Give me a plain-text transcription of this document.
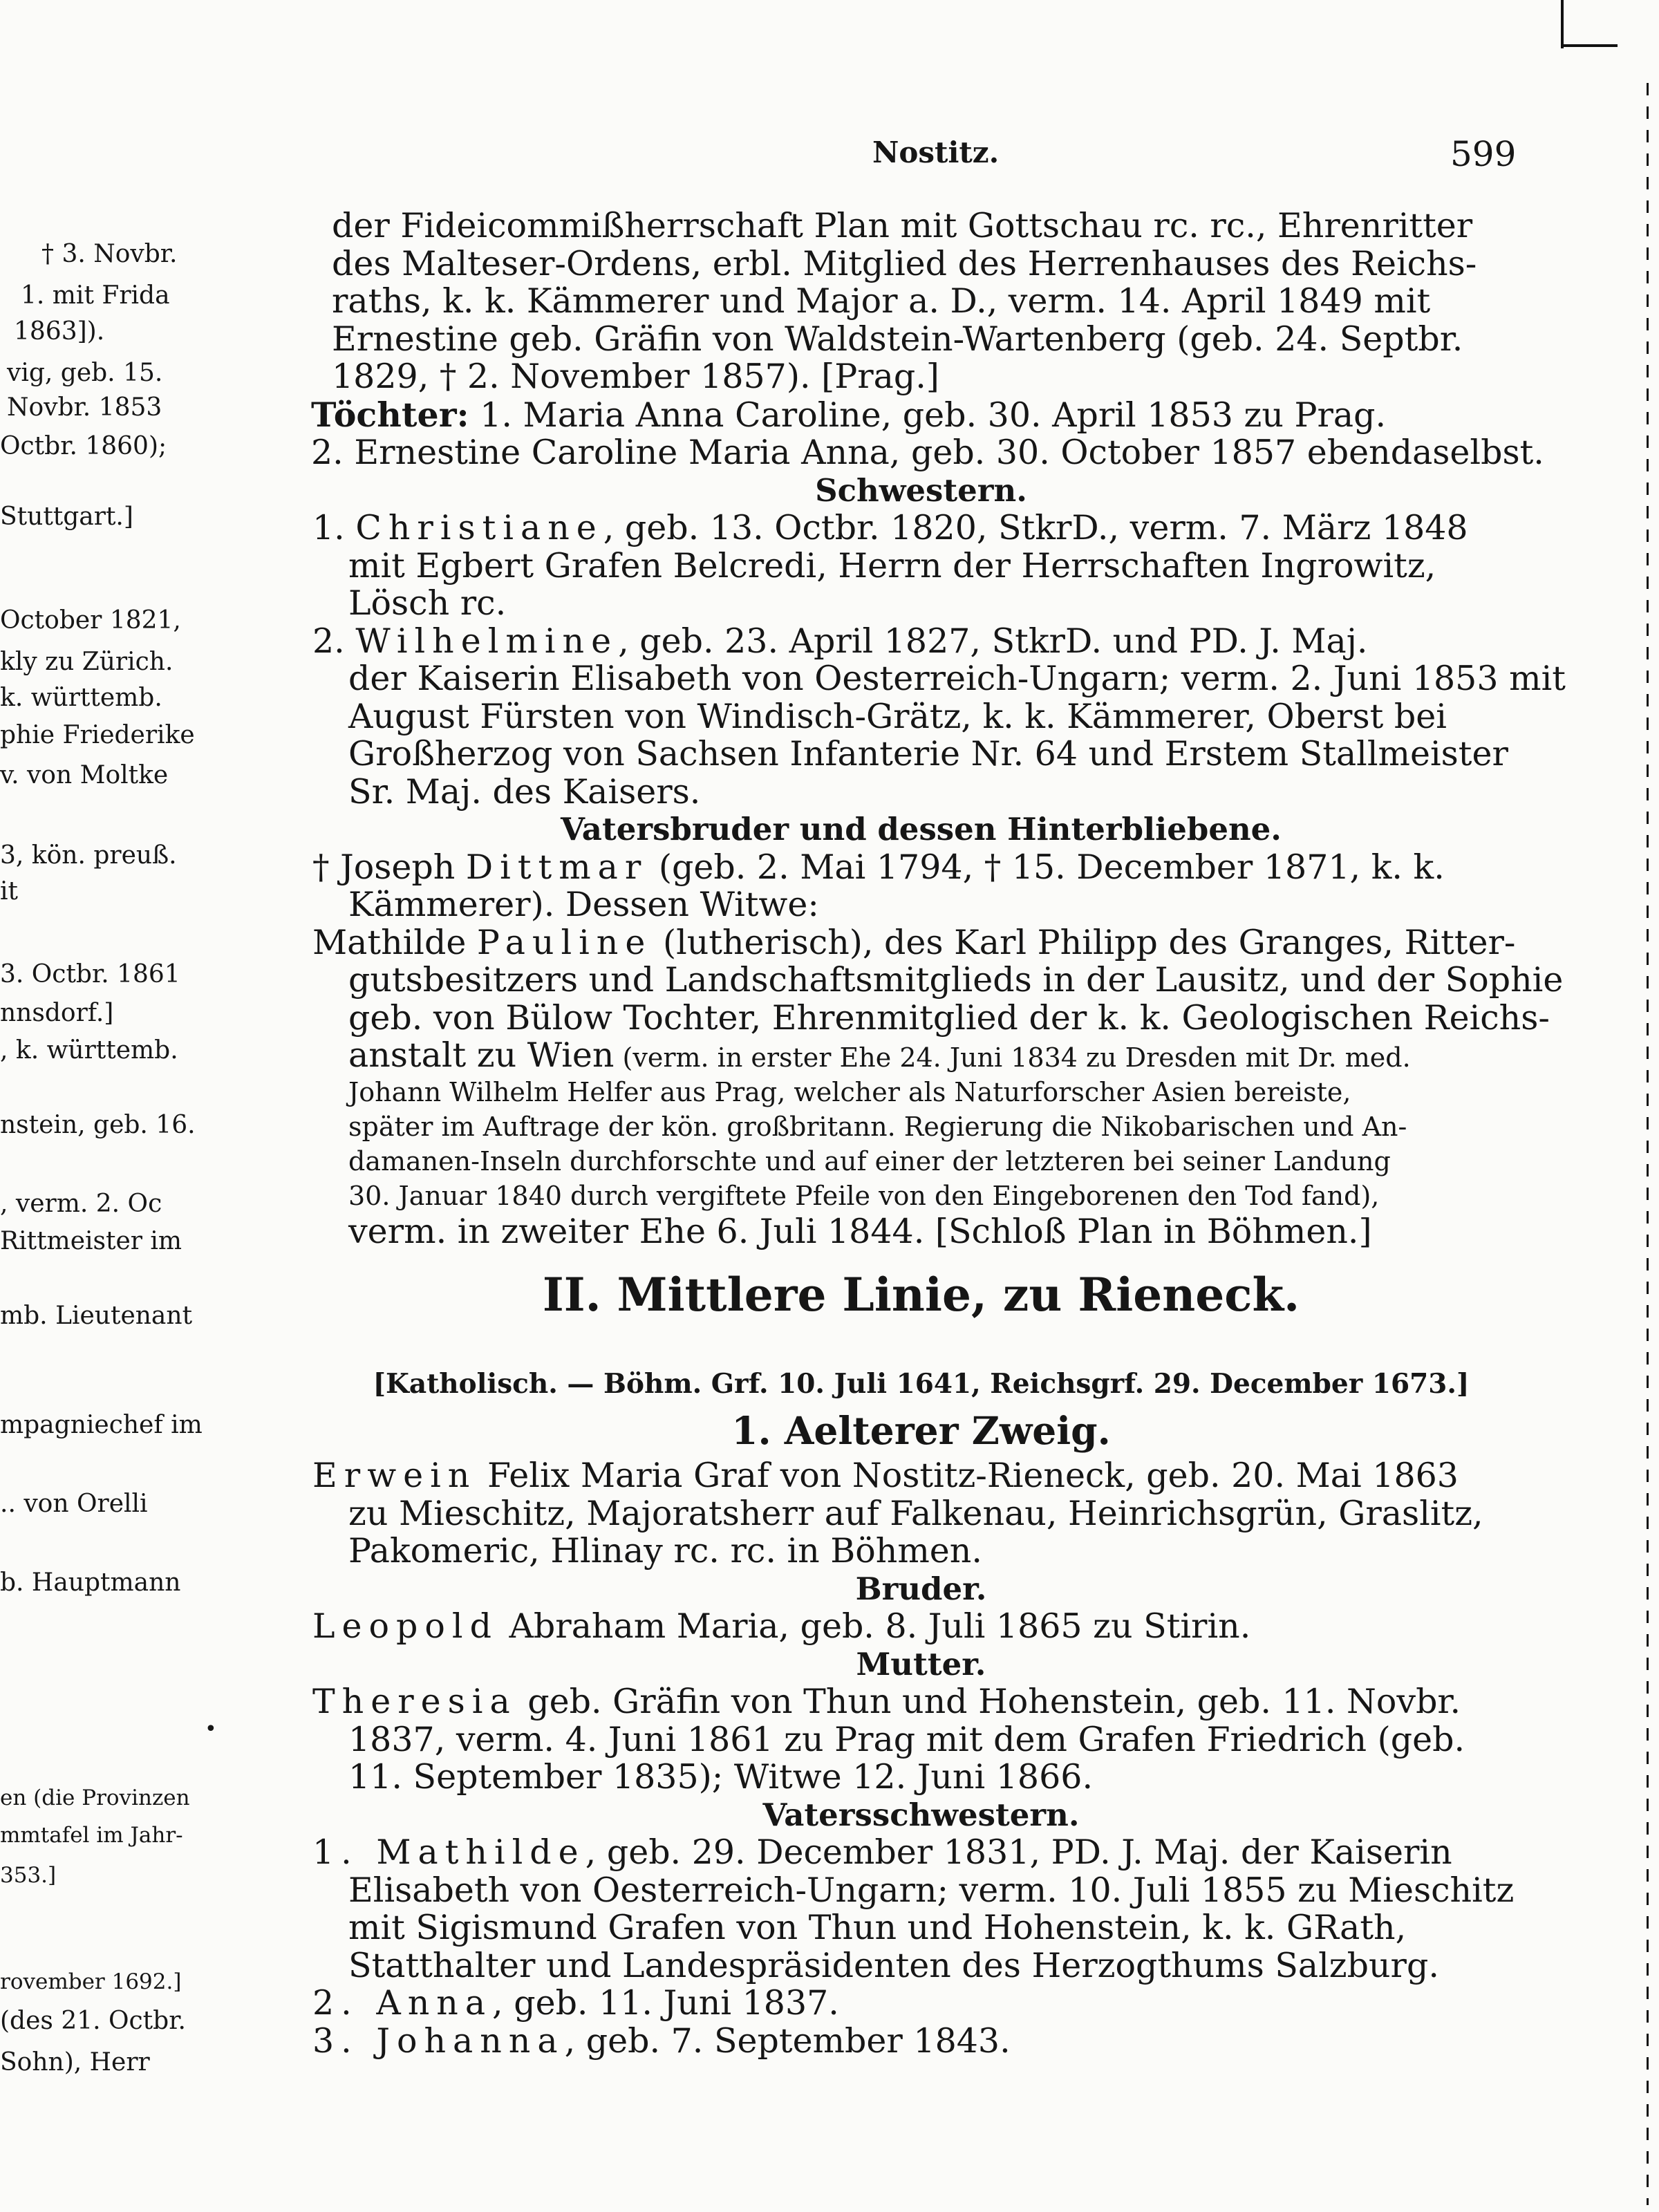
Nostitz.	599
† 3. Novbr.
1. mit Frida
1863]).
vig, geb. 15.
Novbr. 1853
Octbr. 1860);
Stuttgart.]
October 1821,
kly zu Zürich.
k. württemb.
phie Friederike
v. von Moltke
3, kön. preuß.
it
3. Octbr. 1861
nnsdorf.]
, k. württemb.
nstein, geb. 16.
, verm. 2. Oc
Rittmeister im
mb. Lieutenant
mpagniechef im
.. von Orelli
b. Hauptmann
en (die Provinzen
mmtafel im Jahr-
353.]
rovember 1692.]
(des 21. Octbr.
Sohn), Herr
•
der Fideicommißherrschaft Plan mit Gottschau rc. rc., Ehrenritter
des Malteser-Ordens, erbl. Mitglied des Herrenhauses des Reichs-
raths, k. k. Kämmerer und Major a. D., verm. 14. April 1849 mit
Ernestine geb. Gräfin von Waldstein-Wartenberg (geb. 24. Septbr.
1829, † 2. November 1857). [Prag.]
Töchter: 1. Maria Anna Caroline, geb. 30. April 1853 zu Prag.
2. Ernestine Caroline Maria Anna, geb. 30. October 1857 ebendaselbst.
Schwestern.
1. Christiane, geb. 13. Octbr. 1820, StkrD., verm. 7. März 1848
mit Egbert Grafen Belcredi, Herrn der Herrschaften Ingrowitz,
Lösch rc.
2. Wilhelmine, geb. 23. April 1827, StkrD. und PD. J. Maj.
der Kaiserin Elisabeth von Oesterreich-Ungarn; verm. 2. Juni 1853 mit
August Fürsten von Windisch-Grätz, k. k. Kämmerer, Oberst bei
Großherzog von Sachsen Infanterie Nr. 64 und Erstem Stallmeister
Sr. Maj. des Kaisers.
Vatersbruder und dessen Hinterbliebene.
† Joseph Dittmar (geb. 2. Mai 1794, † 15. December 1871, k. k.
Kämmerer). Dessen Witwe:
Mathilde Pauline (lutherisch), des Karl Philipp des Granges, Ritter-
gutsbesitzers und Landschaftsmitglieds in der Lausitz, und der Sophie
geb. von Bülow Tochter, Ehrenmitglied der k. k. Geologischen Reichs-
anstalt zu Wien (verm. in erster Ehe 24. Juni 1834 zu Dresden mit Dr. med.
Johann Wilhelm Helfer aus Prag, welcher als Naturforscher Asien bereiste,
später im Auftrage der kön. großbritann. Regierung die Nikobarischen und An-
damanen-Inseln durchforschte und auf einer der letzteren bei seiner Landung
30. Januar 1840 durch vergiftete Pfeile von den Eingeborenen den Tod fand),
verm. in zweiter Ehe 6. Juli 1844. [Schloß Plan in Böhmen.]
II. Mittlere Linie, zu Rieneck.
[Katholisch. — Böhm. Grf. 10. Juli 1641, Reichsgrf. 29. December 1673.]
1. Aelterer Zweig.
Erwein Felix Maria Graf von Nostitz-Rieneck, geb. 20. Mai 1863
zu Mieschitz, Majoratsherr auf Falkenau, Heinrichsgrün, Graslitz,
Pakomeric, Hlinay rc. rc. in Böhmen.
Bruder.
Leopold Abraham Maria, geb. 8. Juli 1865 zu Stirin.
Mutter.
Theresia geb. Gräfin von Thun und Hohenstein, geb. 11. Novbr.
1837, verm. 4. Juni 1861 zu Prag mit dem Grafen Friedrich (geb.
11. September 1835); Witwe 12. Juni 1866.
Vatersschwestern.
1. Mathilde, geb. 29. December 1831, PD. J. Maj. der Kaiserin
Elisabeth von Oesterreich-Ungarn; verm. 10. Juli 1855 zu Mieschitz
mit Sigismund Grafen von Thun und Hohenstein, k. k. GRath,
Statthalter und Landespräsidenten des Herzogthums Salzburg.
2. Anna, geb. 11. Juni 1837.
3. Johanna, geb. 7. September 1843.
